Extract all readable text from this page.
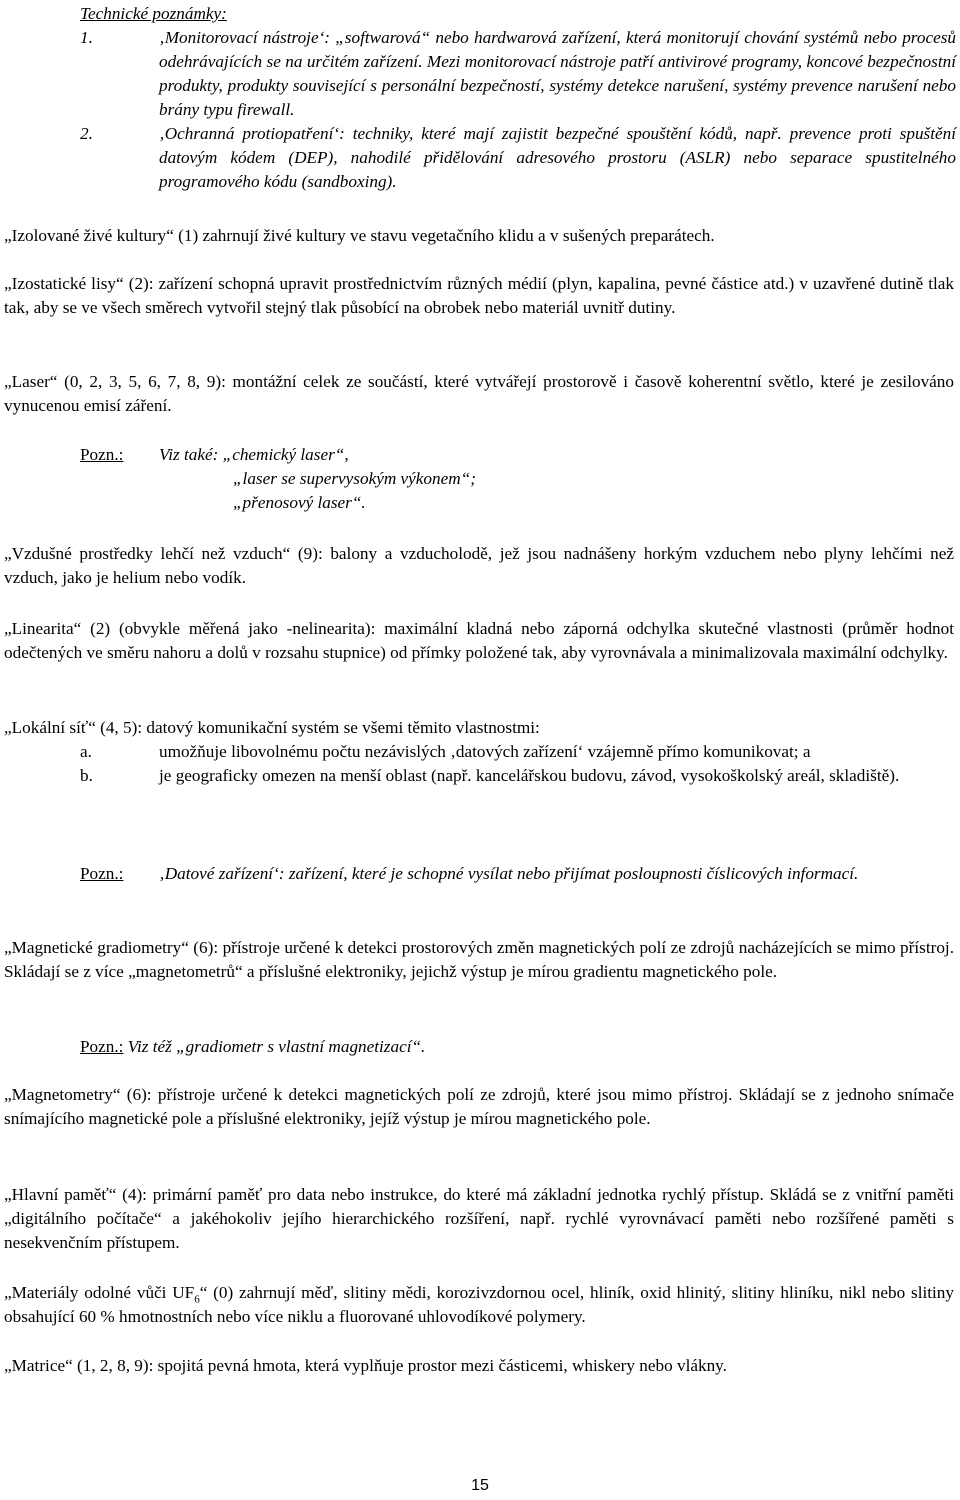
Technické poznámky:
1.	‚Monitorovací nástroje‘: „softwarová“ nebo hardwarová zařízení, která monitorují chování systémů nebo procesů odehrávajících se na určitém zařízení. Mezi monitorovací nástroje patří antivirové programy, koncové bezpečnostní produkty, produkty související s personální bezpečností, systémy detekce narušení, systémy prevence narušení nebo brány typu firewall.
2.	‚Ochranná protiopatření‘: techniky, které mají zajistit bezpečné spouštění kódů, např. prevence proti spuštění datovým kódem (DEP), nahodilé přidělování adresového prostoru (ASLR) nebo separace spustitelného programového kódu (sandboxing).
„Izolované živé kultury“ (1) zahrnují živé kultury ve stavu vegetačního klidu a v sušených preparátech.
„Izostatické lisy“ (2): zařízení schopná upravit prostřednictvím různých médií (plyn, kapalina, pevné částice atd.) v uzavřené dutině tlak tak, aby se ve všech směrech vytvořil stejný tlak působící na obrobek nebo materiál uvnitř dutiny.
„Laser“ (0, 2, 3, 5, 6, 7, 8, 9): montážní celek ze součástí, které vytvářejí prostorově i časově koherentní světlo, které je zesilováno vynucenou emisí záření.
Pozn.: Viz také: „chemický laser“,
„laser se supervysokým výkonem“;
„přenosový laser“.
„Vzdušné prostředky lehčí než vzduch“ (9): balony a vzducholodě, jež jsou nadnášeny horkým vzduchem nebo plyny lehčími než vzduch, jako je helium nebo vodík.
„Linearita“ (2) (obvykle měřená jako -nelinearita): maximální kladná nebo záporná odchylka skutečné vlastnosti (průměr hodnot odečtených ve směru nahoru a dolů v rozsahu stupnice) od přímky položené tak, aby vyrovnávala a minimalizovala maximální odchylky.
„Lokální síť“ (4, 5): datový komunikační systém se všemi těmito vlastnostmi:
a.	umožňuje libovolnému počtu nezávislých ‚datových zařízení‘ vzájemně přímo komunikovat; a
b.	je geograficky omezen na menší oblast (např. kancelářskou budovu, závod, vysokoškolský areál, skladiště).
Pozn.: ‚Datové zařízení‘: zařízení, které je schopné vysílat nebo přijímat posloupnosti číslicových informací.
„Magnetické gradiometry“ (6): přístroje určené k detekci prostorových změn magnetických polí ze zdrojů nacházejících se mimo přístroj. Skládají se z více „magnetometrů“ a příslušné elektroniky, jejichž výstup je mírou gradientu magnetického pole.
Pozn.: Viz též „gradiometr s vlastní magnetizací“.
„Magnetometry“ (6): přístroje určené k detekci magnetických polí ze zdrojů, které jsou mimo přístroj. Skládají se z jednoho snímače snímajícího magnetické pole a příslušné elektroniky, jejíž výstup je mírou magnetického pole.
„Hlavní paměť“ (4): primární paměť pro data nebo instrukce, do které má základní jednotka rychlý přístup. Skládá se z vnitřní paměti „digitálního počítače“ a jakéhokoliv jejího hierarchického rozšíření, např. rychlé vyrovnávací paměti nebo rozšířené paměti s nesekvenčním přístupem.
„Materiály odolné vůči $UF_6“$ (0) zahrnují měď, slitiny mědi, korozivzdornou ocel, hliník, oxid hlinitý, slitiny hliníku, nikl nebo slitiny obsahující 60 % hmotnostních nebo více niklu a fluorované uhlovodíkové polymery.
„Matrice“ (1, 2, 8, 9): spojitá pevná hmota, která vyplňuje prostor mezi částicemi, whiskery nebo vlákny.
15
